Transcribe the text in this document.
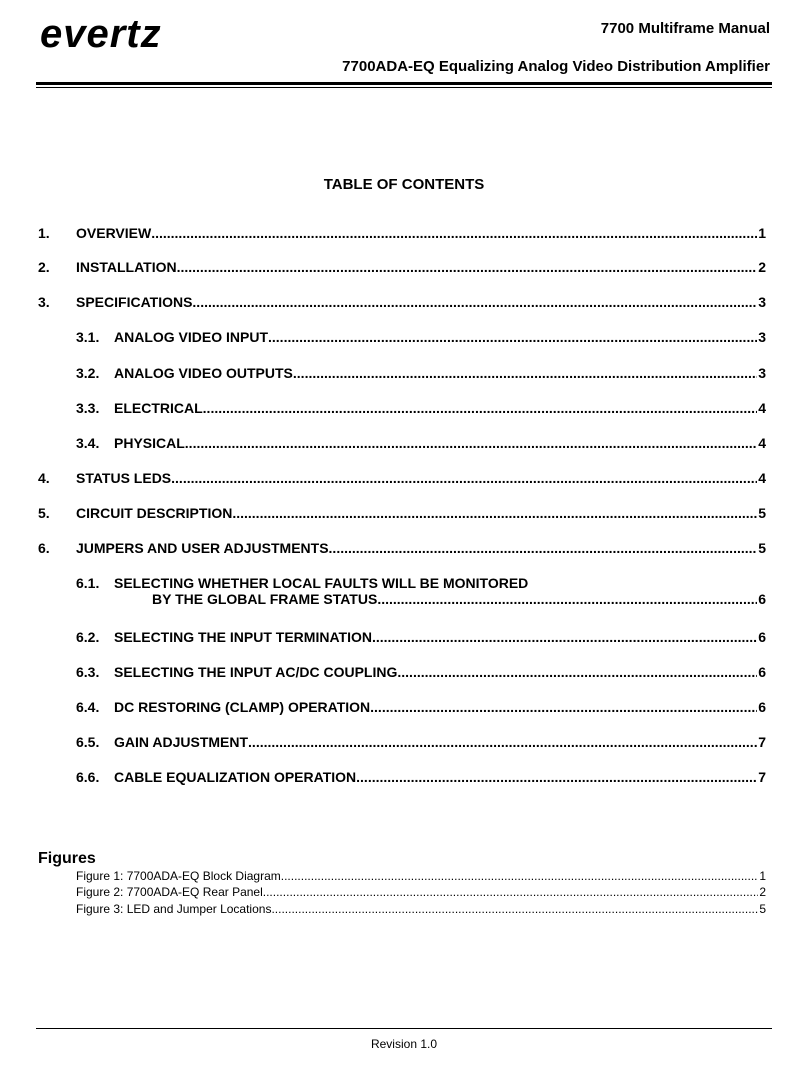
evertz	7700 Multiframe Manual
7700ADA-EQ Equalizing Analog Video Distribution Amplifier
TABLE OF CONTENTS
1. OVERVIEW .....	1
2. INSTALLATION .....	2
3. SPECIFICATIONS .....	3
3.1. ANALOG VIDEO INPUT .....	3
3.2. ANALOG VIDEO OUTPUTS .....	3
3.3. ELECTRICAL .....	4
3.4. PHYSICAL .....	4
4. STATUS LEDS .....	4
5. CIRCUIT DESCRIPTION .....	5
6. JUMPERS AND USER ADJUSTMENTS .....	5
6.1. SELECTING WHETHER LOCAL FAULTS WILL BE MONITORED
BY THE GLOBAL FRAME STATUS .....	6
6.2. SELECTING THE INPUT TERMINATION .....	6
6.3. SELECTING THE INPUT AC/DC COUPLING .....	6
6.4. DC RESTORING (CLAMP) OPERATION .....	6
6.5. GAIN ADJUSTMENT .....	7
6.6. CABLE EQUALIZATION OPERATION .....	7
Figures
Figure 1: 7700ADA-EQ Block Diagram .....	1
Figure 2: 7700ADA-EQ Rear Panel .....	2
Figure 3: LED and Jumper Locations .....	5
Revision 1.0
